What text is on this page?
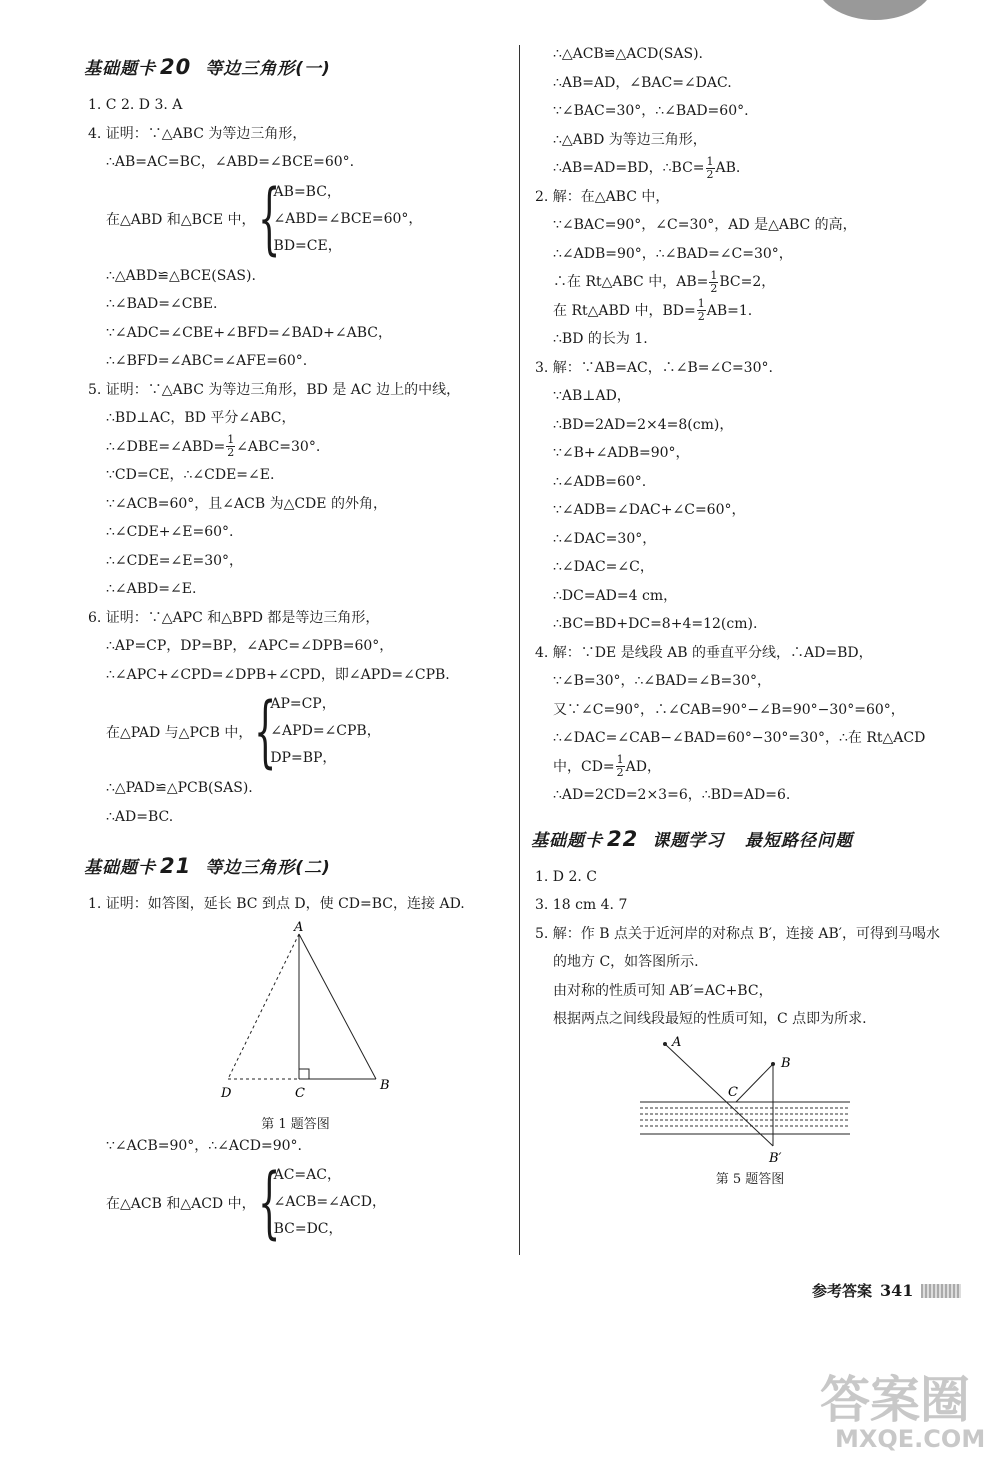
基础题卡 20 等边三角形(一)
1. C 2. D 3. A
4. 证明：∵△ABC 为等边三角形，
∴AB=AC=BC，∠ABD=∠BCE=60°.
在△ABD 和△BCE 中， {
AB=BC，
∠ABD=∠BCE=60°，
BD=CE，
∴△ABD≌△BCE(SAS).
∴∠BAD=∠CBE.
∵∠ADC=∠CBE+∠BFD=∠BAD+∠ABC，
∴∠BFD=∠ABC=∠AFE=60°.
5. 证明：∵△ABC 为等边三角形，BD 是 AC 边上的中线，
∴BD⊥AC，BD 平分∠ABC，
∴∠DBE=∠ABD= $\frac{1}{2}$ ∠ABC=30°.
∵CD=CE，∴∠CDE=∠E.
∵∠ACB=60°，且∠ACB 为△CDE 的外角，
∴∠CDE+∠E=60°.
∴∠CDE=∠E=30°，
∴∠ABD=∠E.
6. 证明：∵△APC 和△BPD 都是等边三角形，
∴AP=CP，DP=BP，∠APC=∠DPB=60°，
∴∠APC+∠CPD=∠DPB+∠CPD，即∠APD=∠CPB.
在△PAD 与△PCB 中， {
AP=CP，
∠APD=∠CPB，
DP=BP，
∴△PAD≌△PCB(SAS).
∴AD=BC.
基础题卡 21 等边三角形(二)
1. 证明：如答图，延长 BC 到点 D，使 CD=BC，连接 AD.
A
B
C
D
第 1 题答图
∵∠ACB=90°，∴∠ACD=90°.
在△ACB 和△ACD 中， {
AC=AC，
∠ACB=∠ACD，
BC=DC，
∴△ACB≌△ACD(SAS).
∴AB=AD，∠BAC=∠DAC.
∵∠BAC=30°，∴∠BAD=60°.
∴△ABD 为等边三角形，
∴AB=AD=BD，∴BC= $\frac{1}{2}$ AB.
2. 解：在△ABC 中，
∵∠BAC=90°，∠C=30°，AD 是△ABC 的高，
∴∠ADB=90°，∴∠BAD=∠C=30°，
∴在 Rt△ABC 中，$AB= \frac{1}{2} BC=2$，
在 Rt△ABD 中，$BD= \frac{1}{2} AB=1$.
∴BD 的长为 1.
3. 解：∵AB=AC，∴∠B=∠C=30°.
∵AB⊥AD，
∴BD=2AD=2×4=8(cm)，
∵∠B+∠ADB=90°，
∴∠ADB=60°.
∵∠ADB=∠DAC+∠C=60°，
∴∠DAC=30°，
∴∠DAC=∠C，
∴DC=AD=4 cm，
∴BC=BD+DC=8+4=12(cm).
4. 解：∵DE 是线段 AB 的垂直平分线，∴AD=BD，
∵∠B=30°，∴∠BAD=∠B=30°，
又∵∠C=90°，∴∠CAB=90°−∠B=90°−30°=60°，
∴∠DAC=∠CAB−∠BAD=60°−30°=30°，∴在 Rt△ACD
中，$CD= \frac{1}{2}$ AD，
∴AD=2CD=2×3=6，∴BD=AD=6.
基础题卡 22 课题学习   最短路径问题
1. D 2. C
3. 18 cm 4. 7
5. 解：作 B 点关于近河岸的对称点 B′，连接 AB′，可得到马喝水
的地方 C，如答图所示.
由对称的性质可知 AB′=AC+BC，
根据两点之间线段最短的性质可知，C 点即为所求.
A
B
C
B′
第 5 题答图
参考答案 341
答案圈
MXQE.COM
